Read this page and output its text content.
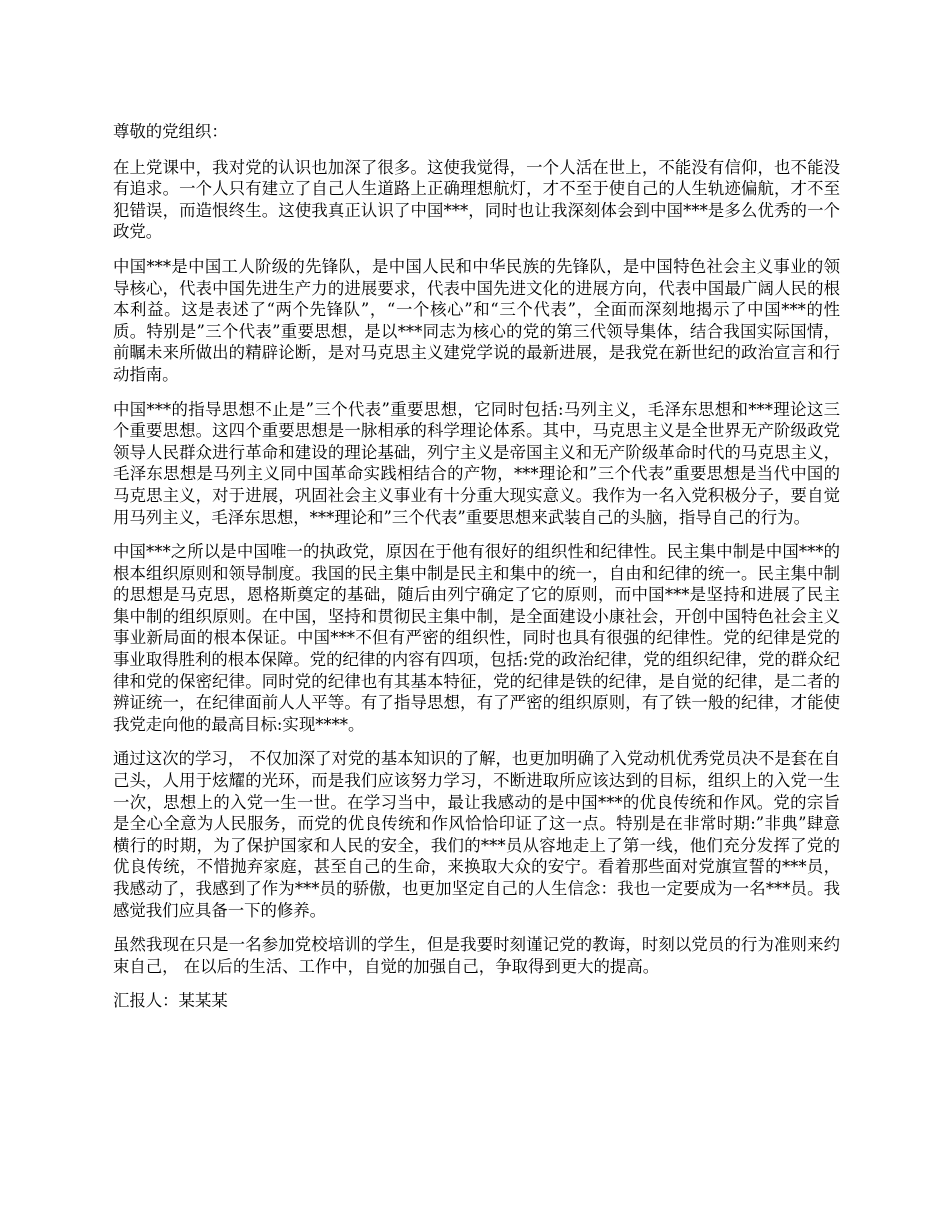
尊敬的党组织：

在上党课中，我对党的认识也加深了很多。这使我觉得，一个人活在世上，不能没有信仰，也不能没有追求。一个人只有建立了自己人生道路上正确理想航灯，才不至于使自己的人生轨迹偏航，才不至犯错误，而造恨终生。这使我真正认识了中国***，同时也让我深刻体会到中国***是多么优秀的一个政党。

中国***是中国工人阶级的先锋队，是中国人民和中华民族的先锋队，是中国特色社会主义事业的领导核心，代表中国先进生产力的进展要求，代表中国先进文化的进展方向，代表中国最广阔人民的根本利益。这是表述了“两个先锋队”，“一个核心”和“三个代表”，全面而深刻地揭示了中国***的性质。特别是”三个代表”重要思想，是以***同志为核心的党的第三代领导集体，结合我国实际国情，前瞩未来所做出的精辟论断，是对马克思主义建党学说的最新进展，是我党在新世纪的政治宣言和行动指南。

中国***的指导思想不止是”三个代表”重要思想，它同时包括:马列主义，毛泽东思想和***理论这三个重要思想。这四个重要思想是一脉相承的科学理论体系。其中，马克思主义是全世界无产阶级政党领导人民群众进行革命和建设的理论基础，列宁主义是帝国主义和无产阶级革命时代的马克思主义，毛泽东思想是马列主义同中国革命实践相结合的产物，***理论和”三个代表”重要思想是当代中国的马克思主义，对于进展，巩固社会主义事业有十分重大现实意义。我作为一名入党积极分子，要自觉用马列主义，毛泽东思想，***理论和”三个代表”重要思想来武装自己的头脑，指导自己的行为。

中国***之所以是中国唯一的执政党，原因在于他有很好的组织性和纪律性。民主集中制是中国***的根本组织原则和领导制度。我国的民主集中制是民主和集中的统一，自由和纪律的统一。民主集中制的思想是马克思，恩格斯奠定的基础，随后由列宁确定了它的原则，而中国***是坚持和进展了民主集中制的组织原则。在中国，坚持和贯彻民主集中制，是全面建设小康社会，开创中国特色社会主义事业新局面的根本保证。中国***不但有严密的组织性，同时也具有很强的纪律性。党的纪律是党的事业取得胜利的根本保障。党的纪律的内容有四项，包括:党的政治纪律，党的组织纪律，党的群众纪律和党的保密纪律。同时党的纪律也有其基本特征，党的纪律是铁的纪律，是自觉的纪律，是二者的辨证统一，在纪律面前人人平等。有了指导思想，有了严密的组织原则，有了铁一般的纪律，才能使我党走向他的最高目标:实现****。

通过这次的学习， 不仅加深了对党的基本知识的了解，也更加明确了入党动机优秀党员决不是套在自己头，人用于炫耀的光环，而是我们应该努力学习，不断进取所应该达到的目标，组织上的入党一生一次，思想上的入党一生一世。在学习当中，最让我感动的是中国***的优良传统和作风。党的宗旨是全心全意为人民服务，而党的优良传统和作风恰恰印证了这一点。特别是在非常时期:”非典”肆意横行的时期，为了保护国家和人民的安全，我们的***员从容地走上了第一线，他们充分发挥了党的优良传统，不惜抛弃家庭，甚至自己的生命，来换取大众的安宁。看着那些面对党旗宣誓的***员，我感动了，我感到了作为***员的骄傲，也更加坚定自己的人生信念：我也一定要成为一名***员。我感觉我们应具备一下的修养。

虽然我现在只是一名参加党校培训的学生，但是我要时刻谨记党的教诲，时刻以党员的行为准则来约束自己， 在以后的生活、工作中，自觉的加强自己，争取得到更大的提高。

汇报人：某某某
